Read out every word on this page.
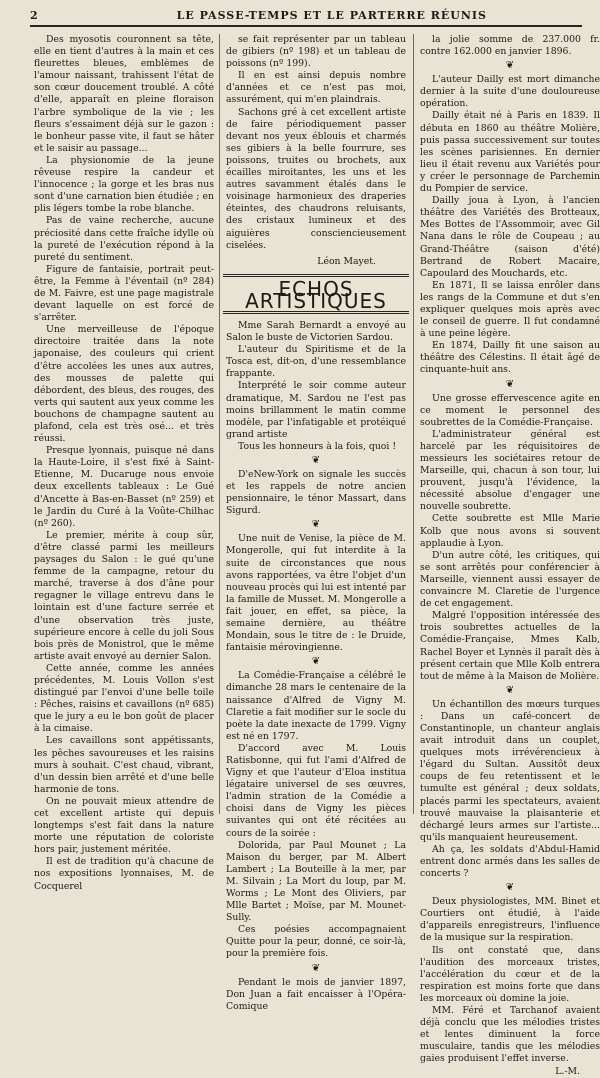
2	LE PASSE-TEMPS ET LE PARTERRE RÉUNIS

Des myosotis couronnent sa tête, elle en tient d'autres à la main et ces fleurettes bleues, emblèmes de l'amour naissant, trahissent l'état de son cœur doucement troublé. A côté d'elle, apparaît en pleine floraison l'arbre symbolique de la vie ; les fleurs s'essaiment déjà sur le gazon : le bonheur passe vite, il faut se hâter et le saisir au passage...

La physionomie de la jeune rêveuse respire la candeur et l'innocence ; la gorge et les bras nus sont d'une carnation bien étudiée ; en plis légers tombe la robe blanche.

Pas de vaine recherche, aucune préciosité dans cette fraîche idylle où la pureté de l'exécution répond à la pureté du sentiment.

Figure de fantaisie, portrait peut-être, la Femme à l'éventail (nº 284) de M. Faivre, est une page magistrale devant laquelle on est forcé de s'arrêter.

Une merveilleuse de l'époque directoire traitée dans la note japonaise, des couleurs qui crient d'être accolées les unes aux autres, des mousses de palette qui débordent, des bleus, des rouges, des verts qui sautent aux yeux comme les bouchons de champagne sautent au plafond, cela est très osé... et très réussi.

Presque lyonnais, puisque né dans la Haute-Loire, il s'est fixé à Saint-Etienne, M. Ducaruge nous envoie deux excellents tableaux : Le Gué d'Ancette à Bas-en-Basset (nº 259) et le Jardin du Curé à la Voûte-Chilhac (nº 260).

Le premier, mérite à coup sûr, d'être classé parmi les meilleurs paysages du Salon : le gué qu'une femme de la campagne, retour du marché, traverse à dos d'âne pour regagner le village entrevu dans le lointain est d'une facture serrée et d'une observation très juste, supérieure encore à celle du joli Sous bois près de Monistrol, que le même artiste avait envoyé au dernier Salon.

Cette année, comme les années précédentes, M. Louis Vollon s'est distingué par l'envoi d'une belle toile : Pêches, raisins et cavaillons (nº 685) que le jury a eu le bon goût de placer à la cimaise.

Les cavaillons sont appétissants, les pêches savoureuses et les raisins murs à souhait. C'est chaud, vibrant, d'un dessin bien arrêté et d'une belle harmonie de tons.

On ne pouvait mieux attendre de cet excellent artiste qui depuis longtemps s'est fait dans la nature morte une réputation de coloriste hors pair, justement méritée.

Il est de tradition qu'à chacune de nos expositions lyonnaises, M. de Cocquerel

se fait représenter par un tableau de gibiers (nº 198) et un tableau de poissons (nº 199).

Il en est ainsi depuis nombre d'années et ce n'est pas moi, assurément, qui m'en plaindrais.

Sachons gré à cet excellent artiste de faire périodiquement passer devant nos yeux éblouis et charmés ses gibiers à la belle fourrure, ses poissons, truites ou brochets, aux écailles miroitantes, les uns et les autres savamment étalés dans le voisinage harmonieux des draperies éteintes, des chaudrons reluisants, des cristaux lumineux et des aiguières consciencieusement ciselées.

Léon Mayet.
ECHOS ARTISTIQUES

Mme Sarah Bernardt a envoyé au Salon le buste de Victorien Sardou.

L'auteur du Spiritisme et de la Tosca est, dit-on, d'une ressemblance frappante.

Interprété le soir comme auteur dramatique, M. Sardou ne l'est pas moins brillamment le matin comme modèle, par l'infatigable et protéiqué grand artiste

Tous les honneurs à la fois, quoi !

❦

D'eNew-York on signale les succès et les rappels de notre ancien pensionnaire, le ténor Massart, dans Sigurd.

❦

Une nuit de Venise, la pièce de M. Mongerolle, qui fut interdite à la suite de circonstances que nous avons rapportées, va être l'objet d'un nouveau procès qui lui est intenté par la famille de Musset. M. Mongerolle a fait jouer, en effet, sa pièce, la semaine dernière, au théâtre Mondain, sous le titre de : le Druide, fantaisie mérovingienne.

❦

La Comédie-Française a célébré le dimanche 28 mars le centenaire de la naissance d'Alfred de Vigny M. Claretie a fait modifier sur le socle du poète la date inexacte de 1799. Vigny est né en 1797.

D'accord avec M. Louis Ratisbonne, qui fut l'ami d'Alfred de Vigny et que l'auteur d'Eloa institua légataire universel de ses œuvres, l'admin stration de la Comédie a choisi dans de Vigny les pièces suivantes qui ont été récitées au cours de la soirée :

Dolorida, par Paul Mounet ; La Maison du berger, par M. Albert Lambert ; La Bouteille à la mer, par M. Silvain ; La Mort du loup, par M. Worms ; Le Mont des Oliviers, par Mlle Bartet ; Moïse, par M. Mounet-Sully.

Ces poésies accompagnaient Quitte pour la peur, donné, ce soir-là, pour la première fois.

❦

Pendant le mois de janvier 1897, Don Juan a fait encaisser à l'Opéra-Comique

la jolie somme de 237.000 fr. contre 162.000 en janvier 1896.

❦

L'auteur Dailly est mort dimanche dernier à la suite d'une douloureuse opération.

Dailly était né à Paris en 1839. Il débuta en 1860 au théâtre Molière, puis passa successivement sur toutes les scènes parisiennes. En dernier lieu il était revenu aux Variétés pour y créer le personnage de Parchemin du Pompier de service.

Dailly joua à Lyon, à l'ancien théâtre des Variétés des Brotteaux, Mes Bottes de l'Assommoir, avec Gil Nana dans le rôle de Coupeau ; au Grand-Théâtre (saison d'été) Bertrand de Robert Macaire, Capoulard des Mouchards, etc.

En 1871, Il se laissa enrôler dans les rangs de la Commune et dut s'en expliquer quelques mois après avec le conseil de guerre. Il fut condamné à une peine légère.

En 1874, Dailly fit une saison au théâtre des Célestins. Il était âgé de cinquante-huit ans.

❦

Une grosse effervescence agite en ce moment le personnel des soubrettes de la Comédie-Française.

L'administrateur général est harcelé par les réquisitoires de messieurs les sociétaires retour de Marseille, qui, chacun à son tour, lui prouvent, jusqu'à l'évidence, la nécessité absolue d'engager une nouvelle soubrette.

Cette soubrette est Mlle Marie Kolb que nous avons si souvent applaudie à Lyon.

D'un autre côté, les critiques, qui se sont arrêtés pour conférencier à Marseille, viennent aussi essayer de convaincre M. Claretie de l'urgence de cet engagement.

Malgré l'opposition intéressée des trois soubrettes actuelles de la Comédie-Française, Mmes Kalb, Rachel Boyer et Lynnès il paraît dès à présent certain que Mlle Kolb entrera tout de même à la Maison de Molière.

❦

Un échantillon des mœurs turques : Dans un café-concert de Constantinople, un chanteur anglais avait introduit dans un couplet, quelques mots irrévérencieux à l'égard du Sultan. Aussitôt deux coups de feu retentissent et le tumulte est général ; deux soldats, placés parmi les spectateurs, avaient trouvé mauvaise la plaisanterie et déchargé leurs armes sur l'artiste... qu'ils manquaient heureusement.

Ah ça, les soldats d'Abdul-Hamid entrent donc armés dans les salles de concerts ?

❦

Deux physiologistes, MM. Binet et Courtiers ont étudié, à l'aide d'appareils enregistreurs, l'influence de la musique sur la respiration.

Ils ont constaté que, dans l'audition des morceaux tristes, l'accélération du cœur et de la respiration est moins forte que dans les morceaux où domine la joie.

MM. Féré et Tarchanof avaient déjà conclu que les mélodies tristes et lentes diminuent la force musculaire, tandis que les mélodies gaies produisent l'effet inverse.

L.-M.
